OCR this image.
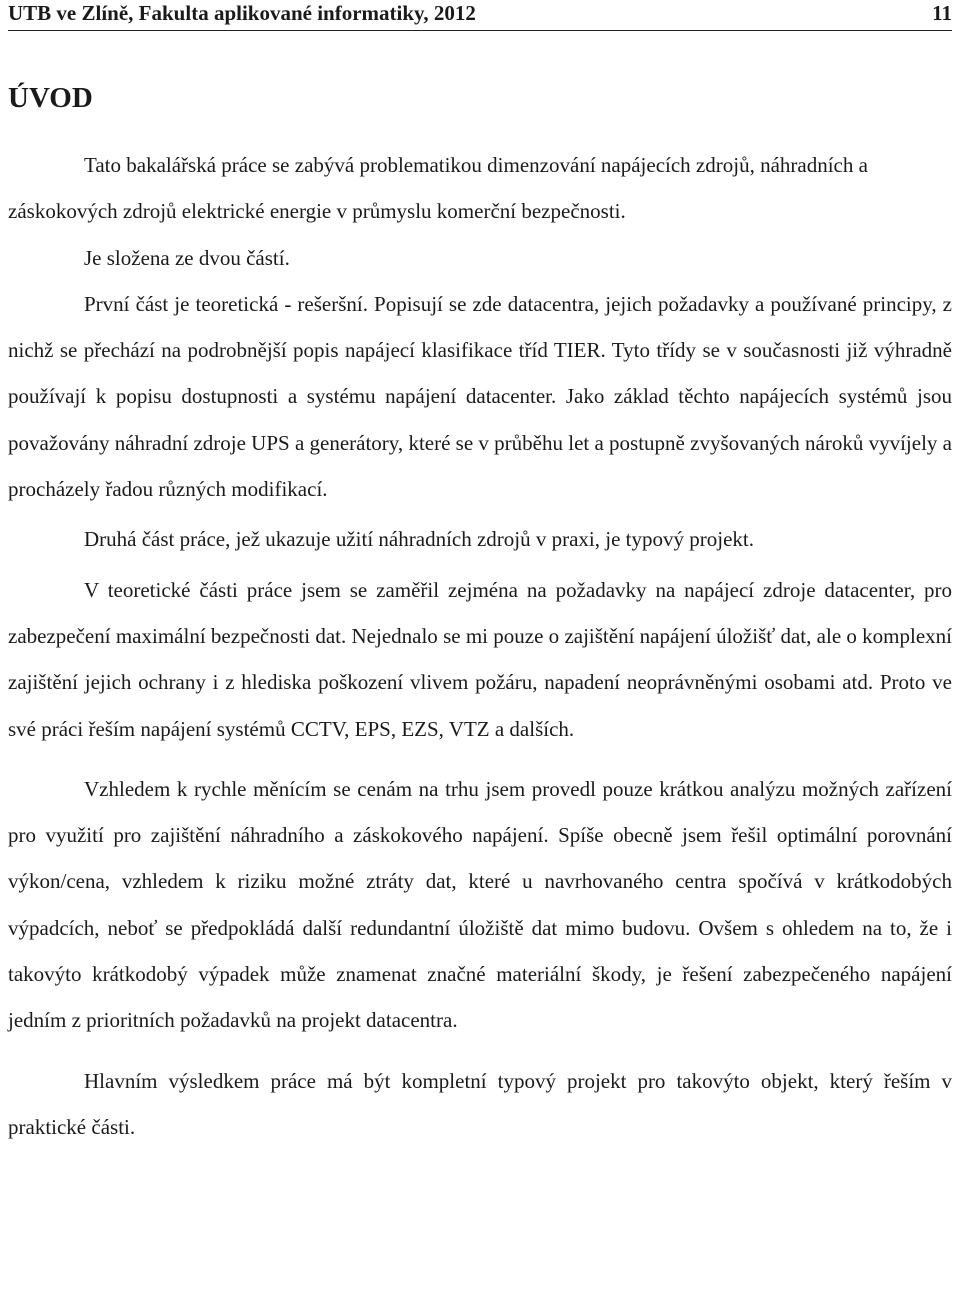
UTB ve Zlíně, Fakulta aplikované informatiky, 2012	11
ÚVOD

Tato bakalářská práce se zabývá problematikou dimenzování napájecích zdrojů, náhradních a záskokových zdrojů elektrické energie v průmyslu komerční bezpečnosti.

Je složena ze dvou částí.

První část je teoretická - rešeršní. Popisují se zde datacentra, jejich požadavky a používané principy, z nichž se přechází na podrobnější popis napájecí klasifikace tříd TIER. Tyto třídy se v současnosti již výhradně používají k popisu dostupnosti a systému napájení datacenter. Jako základ těchto napájecích systémů jsou považovány náhradní zdroje UPS a generátory, které se v průběhu let a postupně zvyšovaných nároků vyvíjely a procházely řadou různých modifikací.

Druhá část práce, jež ukazuje užití náhradních zdrojů v praxi, je typový projekt.

V teoretické části práce jsem se zaměřil zejména na požadavky na napájecí zdroje datacenter, pro zabezpečení maximální bezpečnosti dat. Nejednalo se mi pouze o zajištění napájení úložišť dat, ale o komplexní zajištění jejich ochrany i z hlediska poškození vlivem požáru, napadení neoprávněnými osobami atd. Proto ve své práci řeším napájení systémů CCTV, EPS, EZS, VTZ a dalších.

Vzhledem k rychle měnícím se cenám na trhu jsem provedl pouze krátkou analýzu možných zařízení pro využití pro zajištění náhradního a záskokového napájení. Spíše obecně jsem řešil optimální porovnání výkon/cena, vzhledem k riziku možné ztráty dat, které u navrhovaného centra spočívá v krátkodobých výpadcích, neboť se předpokládá další redundantní úložiště dat mimo budovu. Ovšem s ohledem na to, že i takovýto krátkodobý výpadek může znamenat značné materiální škody, je řešení zabezpečeného napájení jedním z prioritních požadavků na projekt datacentra.

Hlavním výsledkem práce má být kompletní typový projekt pro takovýto objekt, který řeším v praktické části.
